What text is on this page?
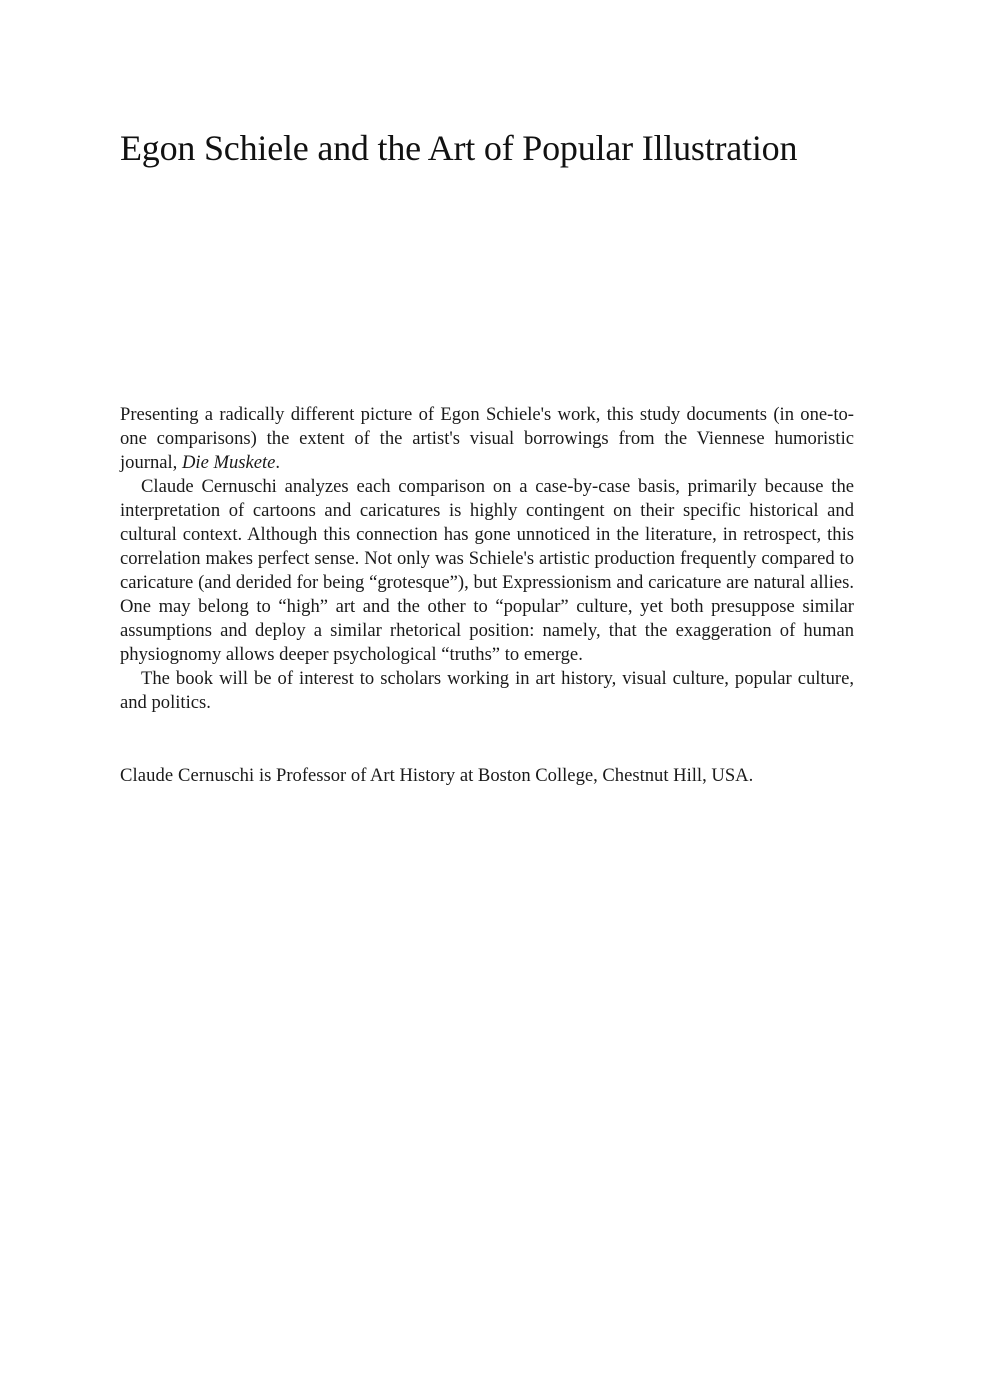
Egon Schiele and the Art of Popular Illustration

Presenting a radically different picture of Egon Schiele's work, this study documents (in one-to-one comparisons) the extent of the artist's visual borrowings from the Viennese humoristic journal, Die Muskete.

Claude Cernuschi analyzes each comparison on a case-by-case basis, primarily because the interpretation of cartoons and caricatures is highly contingent on their specific historical and cultural context. Although this connection has gone unnoticed in the literature, in retrospect, this correlation makes perfect sense. Not only was Schiele's artistic production frequently compared to caricature (and derided for being “grotesque”), but Expressionism and caricature are natural allies. One may belong to “high” art and the other to “popular” culture, yet both presuppose similar assumptions and deploy a similar rhetorical position: namely, that the exaggeration of human physiognomy allows deeper psychological “truths” to emerge.

The book will be of interest to scholars working in art history, visual culture, popular culture, and politics.

Claude Cernuschi is Professor of Art History at Boston College, Chestnut Hill, USA.
